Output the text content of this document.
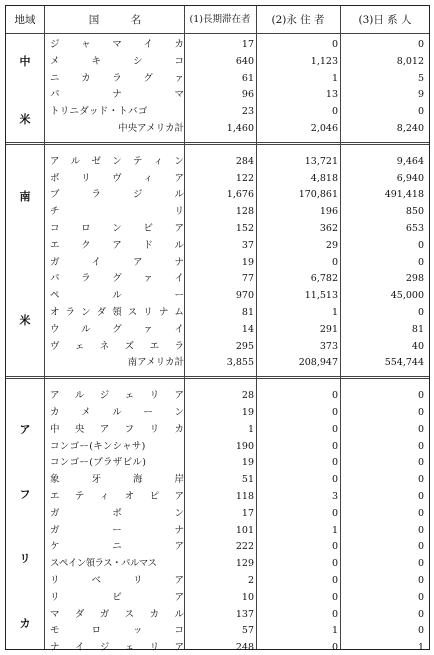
地域	国　　　名	(1)長期滞在者	(2)永 住 者	(3)日 系 人
ジ ャ マ イ カ	17	0	0
メ	キ	シ	コ	640	1,123	8,012
ニ カ ラ グ ァ	61	1	5
パ	ナ	マ	96	13	9
トリニダッド・トバゴ	23	0	0
中央アメリカ計	1,460	2,046	8,240
中
米
ア ル ゼ ン テ ィ ン	284	13,721	9,464
ボ リ ヴ ィ ア	122	4,818	6,940
ブ	ラ	ジ	ル	1,676	170,861	491,418
チ	リ	128	196	850
コ ロ ン ビ ア	152	362	653
エ ク ア ド ル	37	29	0
ガ	イ	ア	ナ	19	0	0
パ ラ グ ァ イ	77	6,782	298
ペ	ル	ー	970	11,513	45,000
オ ラ ン ダ 領 ス リ ナ ム	81	1	0
ウ ル グ ァ イ	14	291	81
ヴ ェ ネ ズ エ ラ	295	373	40
南アメリカ計	3,855	208,947	554,744
南
米
ア ル ジ ェ リ ア	28	0	0
カ メ ル ー ン	19	0	0
中 央 ア フ リ カ	1	0	0
コンゴー(キンシャサ)	190	0	0
コンゴー(ブラザビル)	19	0	0
象	牙	海	岸	51	0	0
エ テ ィ オ ピ ア	118	3	0
ガ	ボ	ン	17	0	0
ガ	ー	ナ	101	1	0
ケ	ニ	ア	222	0	0
スペイン領ラス・パルマス	129	0	0
リ	ベ	リ	ア	2	0	0
リ	ビ	ア	10	0	0
マ ダ ガ ス カ ル	137	0	0
モ	ロ	ッ	コ	57	1	0
ナ イ ジ ェ リ ア	248	0	1
ア
フ
リ
カ
